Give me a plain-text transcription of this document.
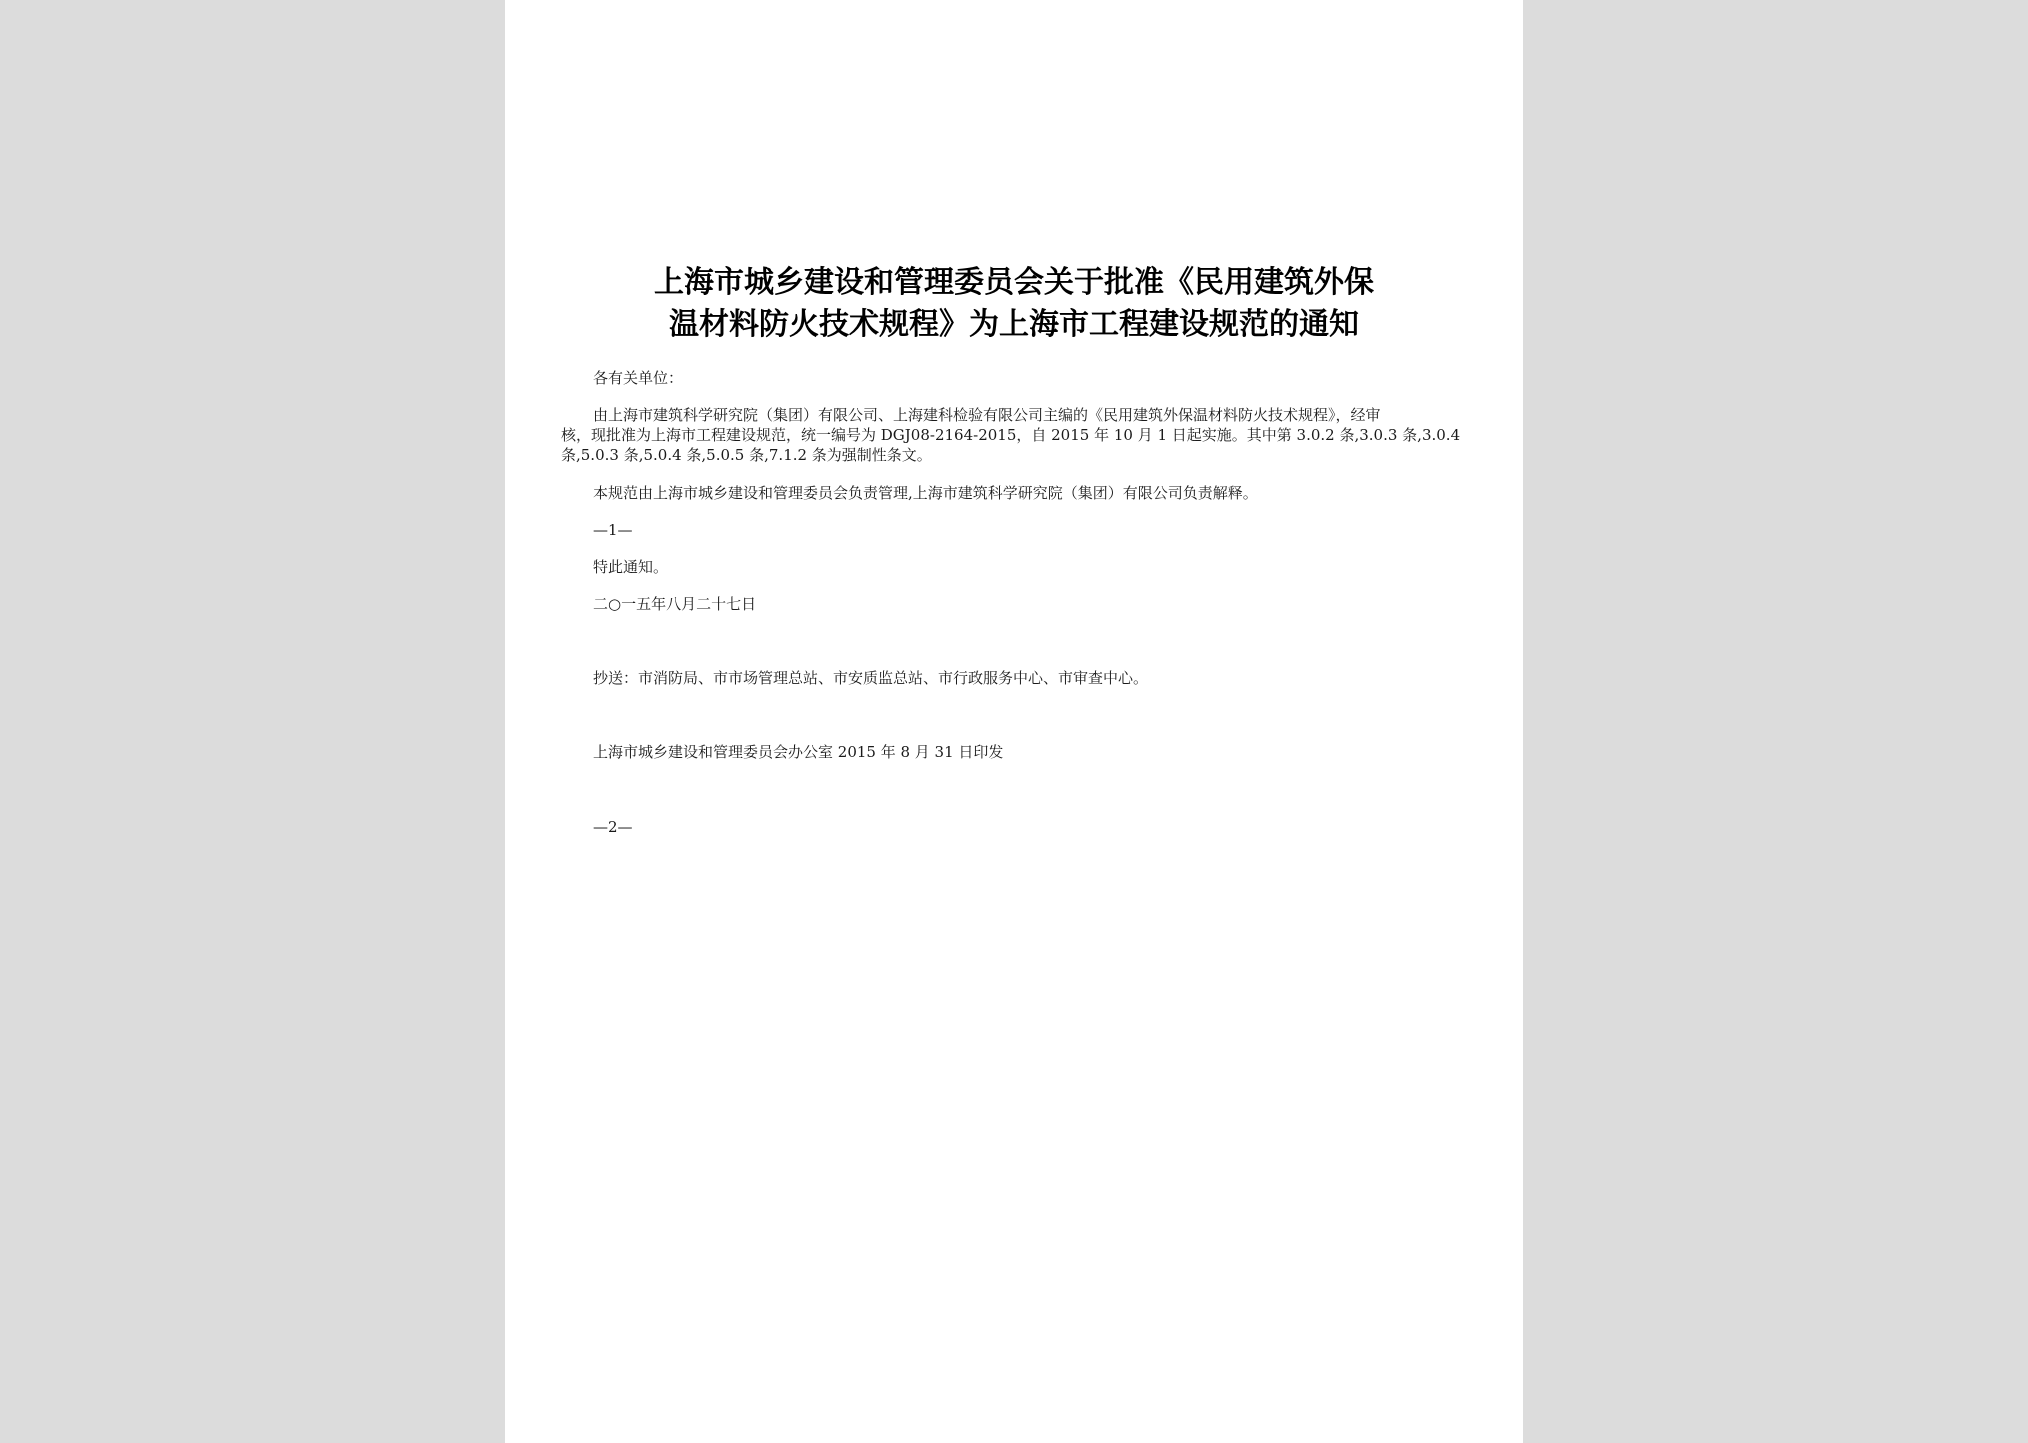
上海市城乡建设和管理委员会关于批准《民用建筑外保
温材料防火技术规程》为上海市工程建设规范的通知
各有关单位：
由上海市建筑科学研究院（集团）有限公司、上海建科检验有限公司主编的《民用建筑外保温材料防火技术规程》，经审
核，现批准为上海市工程建设规范，统一编号为 DGJ08-2164-2015，自 2015 年 10 月 1 日起实施。其中第 3.0.2 条,3.0.3 条,3.0.4
条,5.0.3 条,5.0.4 条,5.0.5 条,7.1.2 条为强制性条文。
本规范由上海市城乡建设和管理委员会负责管理,上海市建筑科学研究院（集团）有限公司负责解释。
—1—
特此通知。
二○一五年八月二十七日
抄送：市消防局、市市场管理总站、市安质监总站、市行政服务中心、市审查中心。
上海市城乡建设和管理委员会办公室 2015 年 8 月 31 日印发
—2—
